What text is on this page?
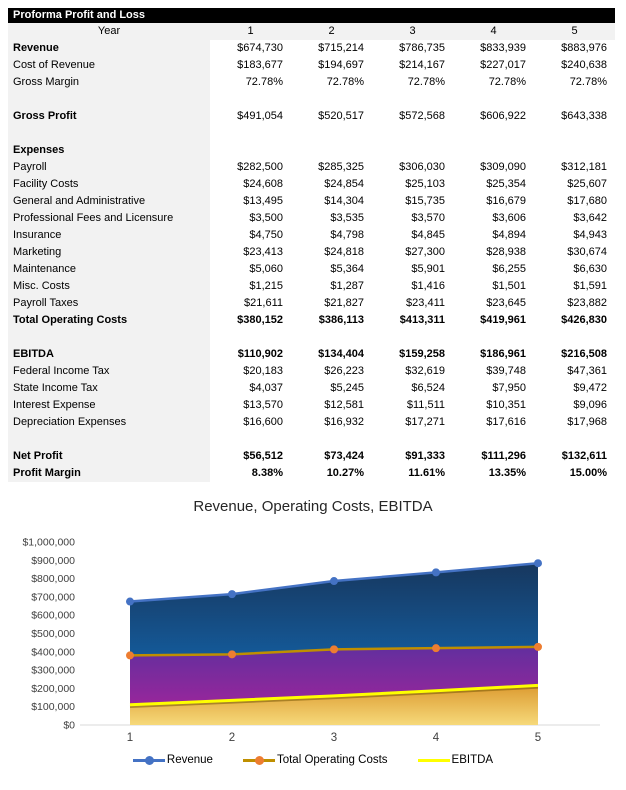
Proforma Profit and Loss
Year	1	2	3	4	5
Revenue	$674,730	$715,214	$786,735	$833,939	$883,976
Cost of Revenue	$183,677	$194,697	$214,167	$227,017	$240,638
Gross Margin	72.78%	72.78%	72.78%	72.78%	72.78%

Gross Profit	$491,054	$520,517	$572,568	$606,922	$643,338

Expenses

Payroll	$282,500	$285,325	$306,030	$309,090	$312,181
Facility Costs	$24,608	$24,854	$25,103	$25,354	$25,607
General and Administrative	$13,495	$14,304	$15,735	$16,679	$17,680
Professional Fees and Licensure	$3,500	$3,535	$3,570	$3,606	$3,642
Insurance	$4,750	$4,798	$4,845	$4,894	$4,943
Marketing	$23,413	$24,818	$27,300	$28,938	$30,674
Maintenance	$5,060	$5,364	$5,901	$6,255	$6,630
Misc. Costs	$1,215	$1,287	$1,416	$1,501	$1,591
Payroll Taxes	$21,611	$21,827	$23,411	$23,645	$23,882
Total Operating Costs	$380,152	$386,113	$413,311	$419,961	$426,830

EBITDA	$110,902	$134,404	$159,258	$186,961	$216,508
Federal Income Tax	$20,183	$26,223	$32,619	$39,748	$47,361
State Income Tax	$4,037	$5,245	$6,524	$7,950	$9,472
Interest Expense	$13,570	$12,581	$11,511	$10,351	$9,096
Depreciation Expenses	$16,600	$16,932	$17,271	$17,616	$17,968

Net Profit	$56,512	$73,424	$91,333	$111,296	$132,611
Profit Margin	8.38%	10.27%	11.61%	13.35%	15.00%
Revenue, Operating Costs, EBITDA
$0
$100,000
$200,000
$300,000
$400,000
$500,000
$600,000
$700,000
$800,000
$900,000
$1,000,000
1	2	3	4	5
Revenue	Total Operating Costs	EBITDA
